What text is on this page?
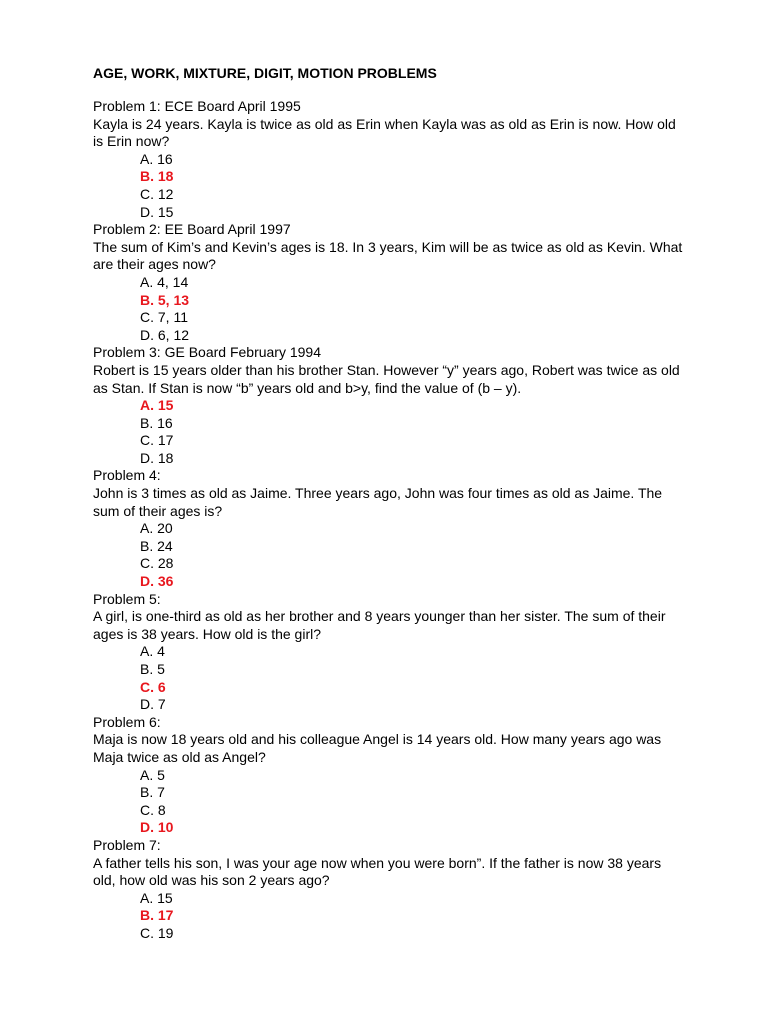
AGE, WORK, MIXTURE, DIGIT, MOTION PROBLEMS

Problem 1: ECE Board April 1995

Kayla is 24 years. Kayla is twice as old as Erin when Kayla was as old as Erin is now. How old is Erin now?

A. 16
B. 18
C. 12
D. 15

Problem 2: EE Board April 1997

The sum of Kim’s and Kevin’s ages is 18. In 3 years, Kim will be as twice as old as Kevin. What are their ages now?

A. 4, 14
B. 5, 13
C. 7, 11
D. 6, 12

Problem 3: GE Board February 1994

Robert is 15 years older than his brother Stan. However “y” years ago, Robert was twice as old as Stan. If Stan is now “b” years old and b>y, find the value of (b – y).

A. 15
B. 16
C. 17
D. 18

Problem 4:

John is 3 times as old as Jaime. Three years ago, John was four times as old as Jaime. The sum of their ages is?

A. 20
B. 24
C. 28
D. 36

Problem 5:

A girl, is one-third as old as her brother and 8 years younger than her sister. The sum of their ages is 38 years. How old is the girl?

A. 4
B. 5
C. 6
D. 7

Problem 6:

Maja is now 18 years old and his colleague Angel is 14 years old. How many years ago was Maja twice as old as Angel?

A. 5
B. 7
C. 8
D. 10

Problem 7:

A father tells his son, I was your age now when you were born”. If the father is now 38 years old, how old was his son 2 years ago?

A. 15
B. 17
C. 19
